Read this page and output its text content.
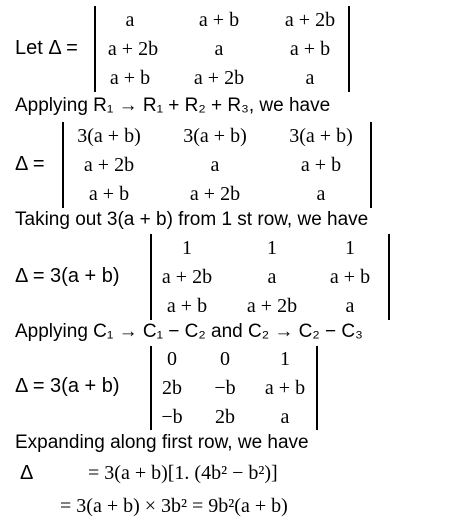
Let Δ =
a	a + b	a + 2b
a + 2b	a	a + b
a + b	a + 2b	a
Applying R₁ → R₁ + R₂ + R₃, we have
Δ =
3(a + b)	3(a + b)	3(a + b)
a + 2b	a	a + b
a + b	a + 2b	a
Taking out 3(a + b) from 1 st row, we have
Δ = 3(a + b)
1	1	1
a + 2b	a	a + b
a + b	a + 2b	a
Applying C₁ → C₁ − C₂ and C₂ → C₂ − C₃
Δ = 3(a + b)
0	0	1
2b	−b	a + b
−b	2b	a
Expanding along first row, we have
Δ	= 3(a + b)[1. (4b² − b²)]
= 3(a + b) × 3b² = 9b²(a + b)
